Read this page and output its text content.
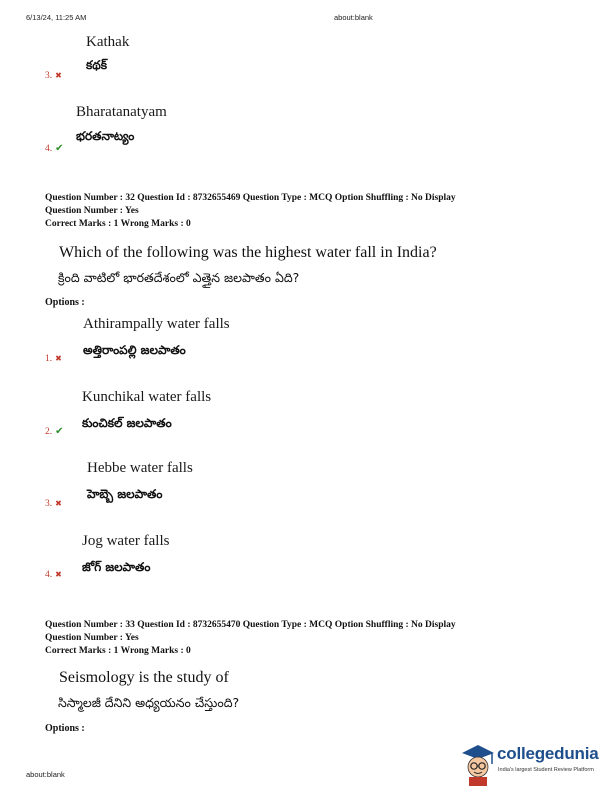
6/13/24, 11:25 AM	about:blank
Kathak
కథక్
3. ✖
Bharatanatyam
భరతనాట్యం
4. ✔
Question Number : 32 Question Id : 8732655469 Question Type : MCQ Option Shuffling : No Display
Question Number : Yes
Correct Marks : 1 Wrong Marks : 0
Which of the following was the highest water fall in India?
క్రింది వాటిలో భారతదేశంలో ఎత్తైన జలపాతం ఏది?
Options :
Athirampally water falls
అత్తిరాంపల్లి జలపాతం
1. ✖
Kunchikal water falls
కుంచికల్ జలపాతం
2. ✔
Hebbe water falls
హెబ్బె జలపాతం
3. ✖
Jog water falls
జోగ్ జలపాతం
4. ✖
Question Number : 33 Question Id : 8732655470 Question Type : MCQ Option Shuffling : No Display
Question Number : Yes
Correct Marks : 1 Wrong Marks : 0
Seismology is the study of
సిస్మాలజీ దేనిని అధ్యయనం చేస్తుంది?
Options :
about:blank
collegedunia
India's largest Student Review Platform
